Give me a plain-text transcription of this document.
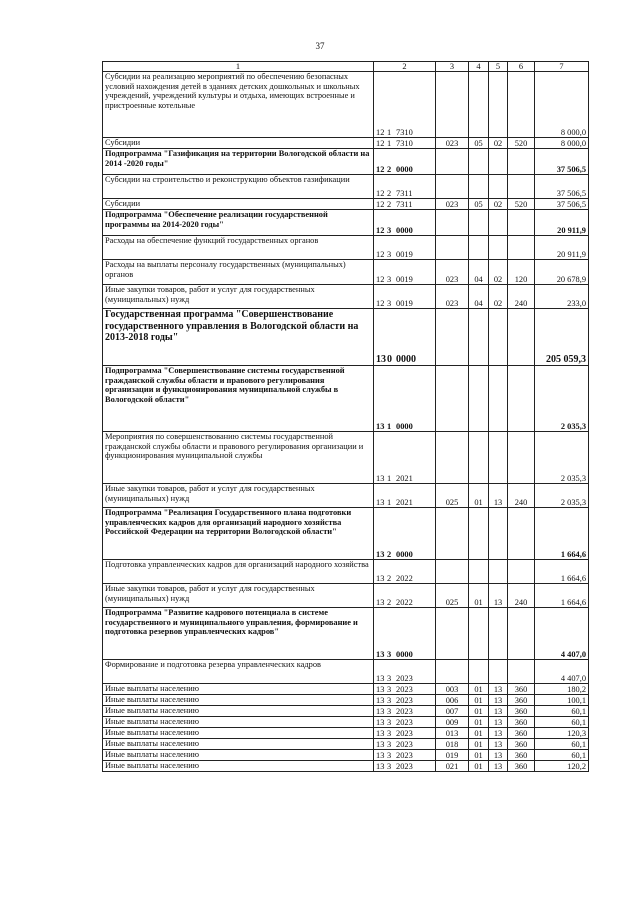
37
1	2	3	4	5	6	7
Субсидии на реализацию мероприятий по обеспечению безопасных условий нахождения детей в зданиях детских дошкольных и школьных учреждений, учреждений культуры и отдыха, имеющих встроенные и пристроенные котельные	12 1 7310					8 000,0
Субсидии	12 1 7310	023	05	02	520	8 000,0
Подпрограмма "Газификация на территории Вологодской области на 2014 -2020 годы"	12 2 0000					37 506,5
Субсидии на строительство и реконструкцию объектов газификации	12 2 7311					37 506,5
Субсидии	12 2 7311	023	05	02	520	37 506,5
Подпрограмма "Обеспечение реализации государственной программы на 2014-2020 годы"	12 3 0000					20 911,9
Расходы на обеспечение функций государственных органов	12 3 0019					20 911,9
Расходы на выплаты персоналу государственных (муниципальных) органов	12 3 0019	023	04	02	120	20 678,9
Иные закупки товаров, работ и услуг для государственных (муниципальных) нужд	12 3 0019	023	04	02	240	233,0
Государственная программа "Совершенствование государственного управления в Вологодской области на 2013-2018 годы"	130 0000					205 059,3
Подпрограмма "Совершенствование системы государственной гражданской службы области и правового регулирования организации и функционирования муниципальной службы в Вологодской области"	13 1 0000					2 035,3
Мероприятия по совершенствованию системы государственной гражданской службы области и правового регулирования организации и функционирования муниципальной службы	13 1 2021					2 035,3
Иные закупки товаров, работ и услуг для государственных (муниципальных) нужд	13 1 2021	025	01	13	240	2 035,3
Подпрограмма "Реализация Государственного плана подготовки управленческих кадров для организаций народного хозяйства Российской Федерации на территории Вологодской области"	13 2 0000					1 664,6
Подготовка управленческих кадров для организаций народного хозяйства	13 2 2022					1 664,6
Иные закупки товаров, работ и услуг для государственных (муниципальных) нужд	13 2 2022	025	01	13	240	1 664,6
Подпрограмма "Развитие кадрового потенциала в системе государственного и муниципального управления, формирование и подготовка резервов управленческих кадров"	13 3 0000					4 407,0
Формирование и подготовка резерва управленческих кадров	13 3 2023					4 407,0
Иные выплаты населению	13 3 2023	003	01	13	360	180,2
Иные выплаты населению	13 3 2023	006	01	13	360	100,1
Иные выплаты населению	13 3 2023	007	01	13	360	60,1
Иные выплаты населению	13 3 2023	009	01	13	360	60,1
Иные выплаты населению	13 3 2023	013	01	13	360	120,3
Иные выплаты населению	13 3 2023	018	01	13	360	60,1
Иные выплаты населению	13 3 2023	019	01	13	360	60,1
Иные выплаты населению	13 3 2023	021	01	13	360	120,2
